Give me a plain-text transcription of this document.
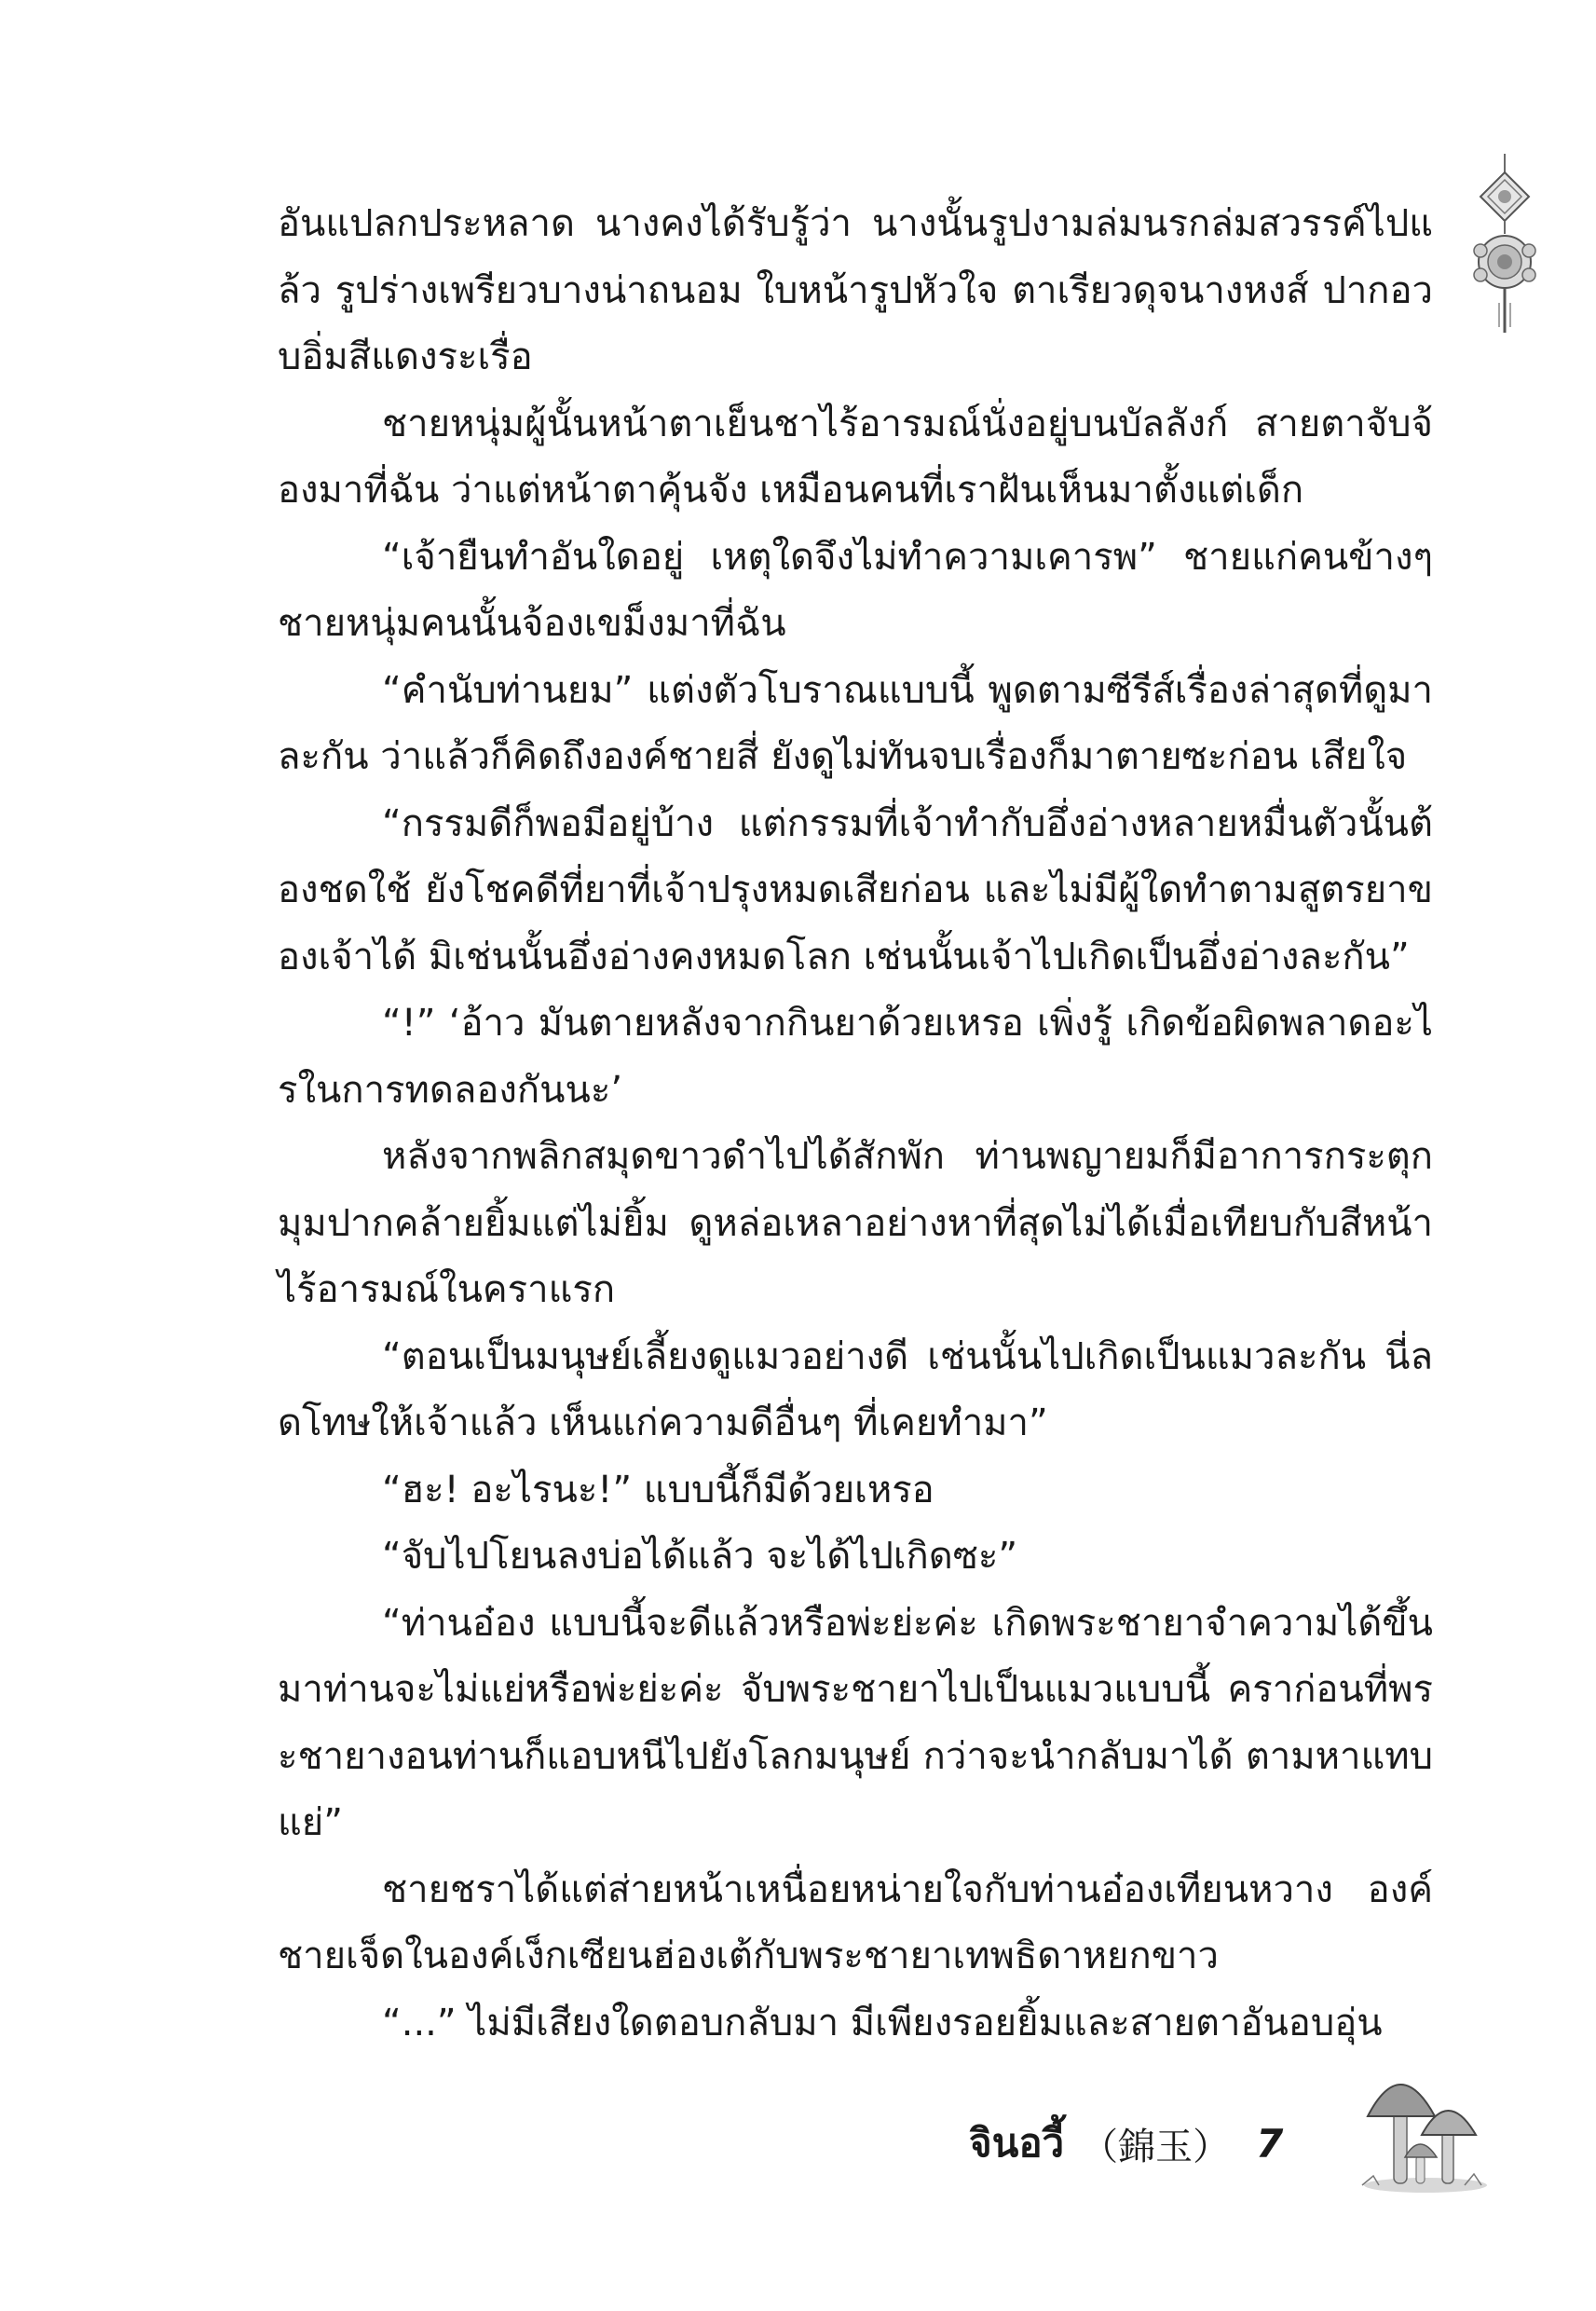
อันแปลกประหลาด นางคงได้รับรู้ว่า นางนั้นรูปงามล่มนรกล่มสวรรค์ไปแล้ว รูปร่างเพรียวบางน่าถนอม ใบหน้ารูปหัวใจ ตาเรียวดุจนางหงส์ ปากอวบอิ่มสีแดงระเรื่อ

ชายหนุ่มผู้นั้นหน้าตาเย็นชาไร้อารมณ์นั่งอยู่บนบัลลังก์ สายตาจับจ้องมาที่ฉัน ว่าแต่หน้าตาคุ้นจัง เหมือนคนที่เราฝันเห็นมาตั้งแต่เด็ก

“เจ้ายืนทำอันใดอยู่ เหตุใดจึงไม่ทำความเคารพ” ชายแก่คนข้างๆ ชายหนุ่มคนนั้นจ้องเขม็งมาที่ฉัน

“คำนับท่านยม” แต่งตัวโบราณแบบนี้ พูดตามซีรีส์เรื่องล่าสุดที่ดูมาละกัน ว่าแล้วก็คิดถึงองค์ชายสี่ ยังดูไม่ทันจบเรื่องก็มาตายซะก่อน เสียใจ

“กรรมดีก็พอมีอยู่บ้าง แต่กรรมที่เจ้าทำกับอึ่งอ่างหลายหมื่นตัวนั้นต้องชดใช้ ยังโชคดีที่ยาที่เจ้าปรุงหมดเสียก่อน และไม่มีผู้ใดทำตามสูตรยาของเจ้าได้ มิเช่นนั้นอึ่งอ่างคงหมดโลก เช่นนั้นเจ้าไปเกิดเป็นอึ่งอ่างละกัน”

“!” ‘อ้าว มันตายหลังจากกินยาด้วยเหรอ เพิ่งรู้ เกิดข้อผิดพลาดอะไรในการทดลองกันนะ’

หลังจากพลิกสมุดขาวดำไปได้สักพัก ท่านพญายมก็มีอาการกระตุกมุมปากคล้ายยิ้มแต่ไม่ยิ้ม ดูหล่อเหลาอย่างหาที่สุดไม่ได้เมื่อเทียบกับสีหน้าไร้อารมณ์ในคราแรก

“ตอนเป็นมนุษย์เลี้ยงดูแมวอย่างดี เช่นนั้นไปเกิดเป็นแมวละกัน นี่ลดโทษให้เจ้าแล้ว เห็นแก่ความดีอื่นๆ ที่เคยทำมา”

“ฮะ! อะไรนะ!” แบบนี้ก็มีด้วยเหรอ

“จับไปโยนลงบ่อได้แล้ว จะได้ไปเกิดซะ”

“ท่านอ๋อง แบบนี้จะดีแล้วหรือพ่ะย่ะค่ะ เกิดพระชายาจำความได้ขึ้นมาท่านจะไม่แย่หรือพ่ะย่ะค่ะ จับพระชายาไปเป็นแมวแบบนี้ คราก่อนที่พระชายางอนท่านก็แอบหนีไปยังโลกมนุษย์ กว่าจะนำกลับมาได้ ตามหาแทบแย่”

ชายชราได้แต่ส่ายหน้าเหนื่อยหน่ายใจกับท่านอ๋องเทียนหวาง องค์ชายเจ็ดในองค์เง็กเซียนฮ่องเต้กับพระชายาเทพธิดาหยกขาว

“...” ไม่มีเสียงใดตอบกลับมา มีเพียงรอยยิ้มและสายตาอันอบอุ่น

จินอวี้ （錦玉） 7
